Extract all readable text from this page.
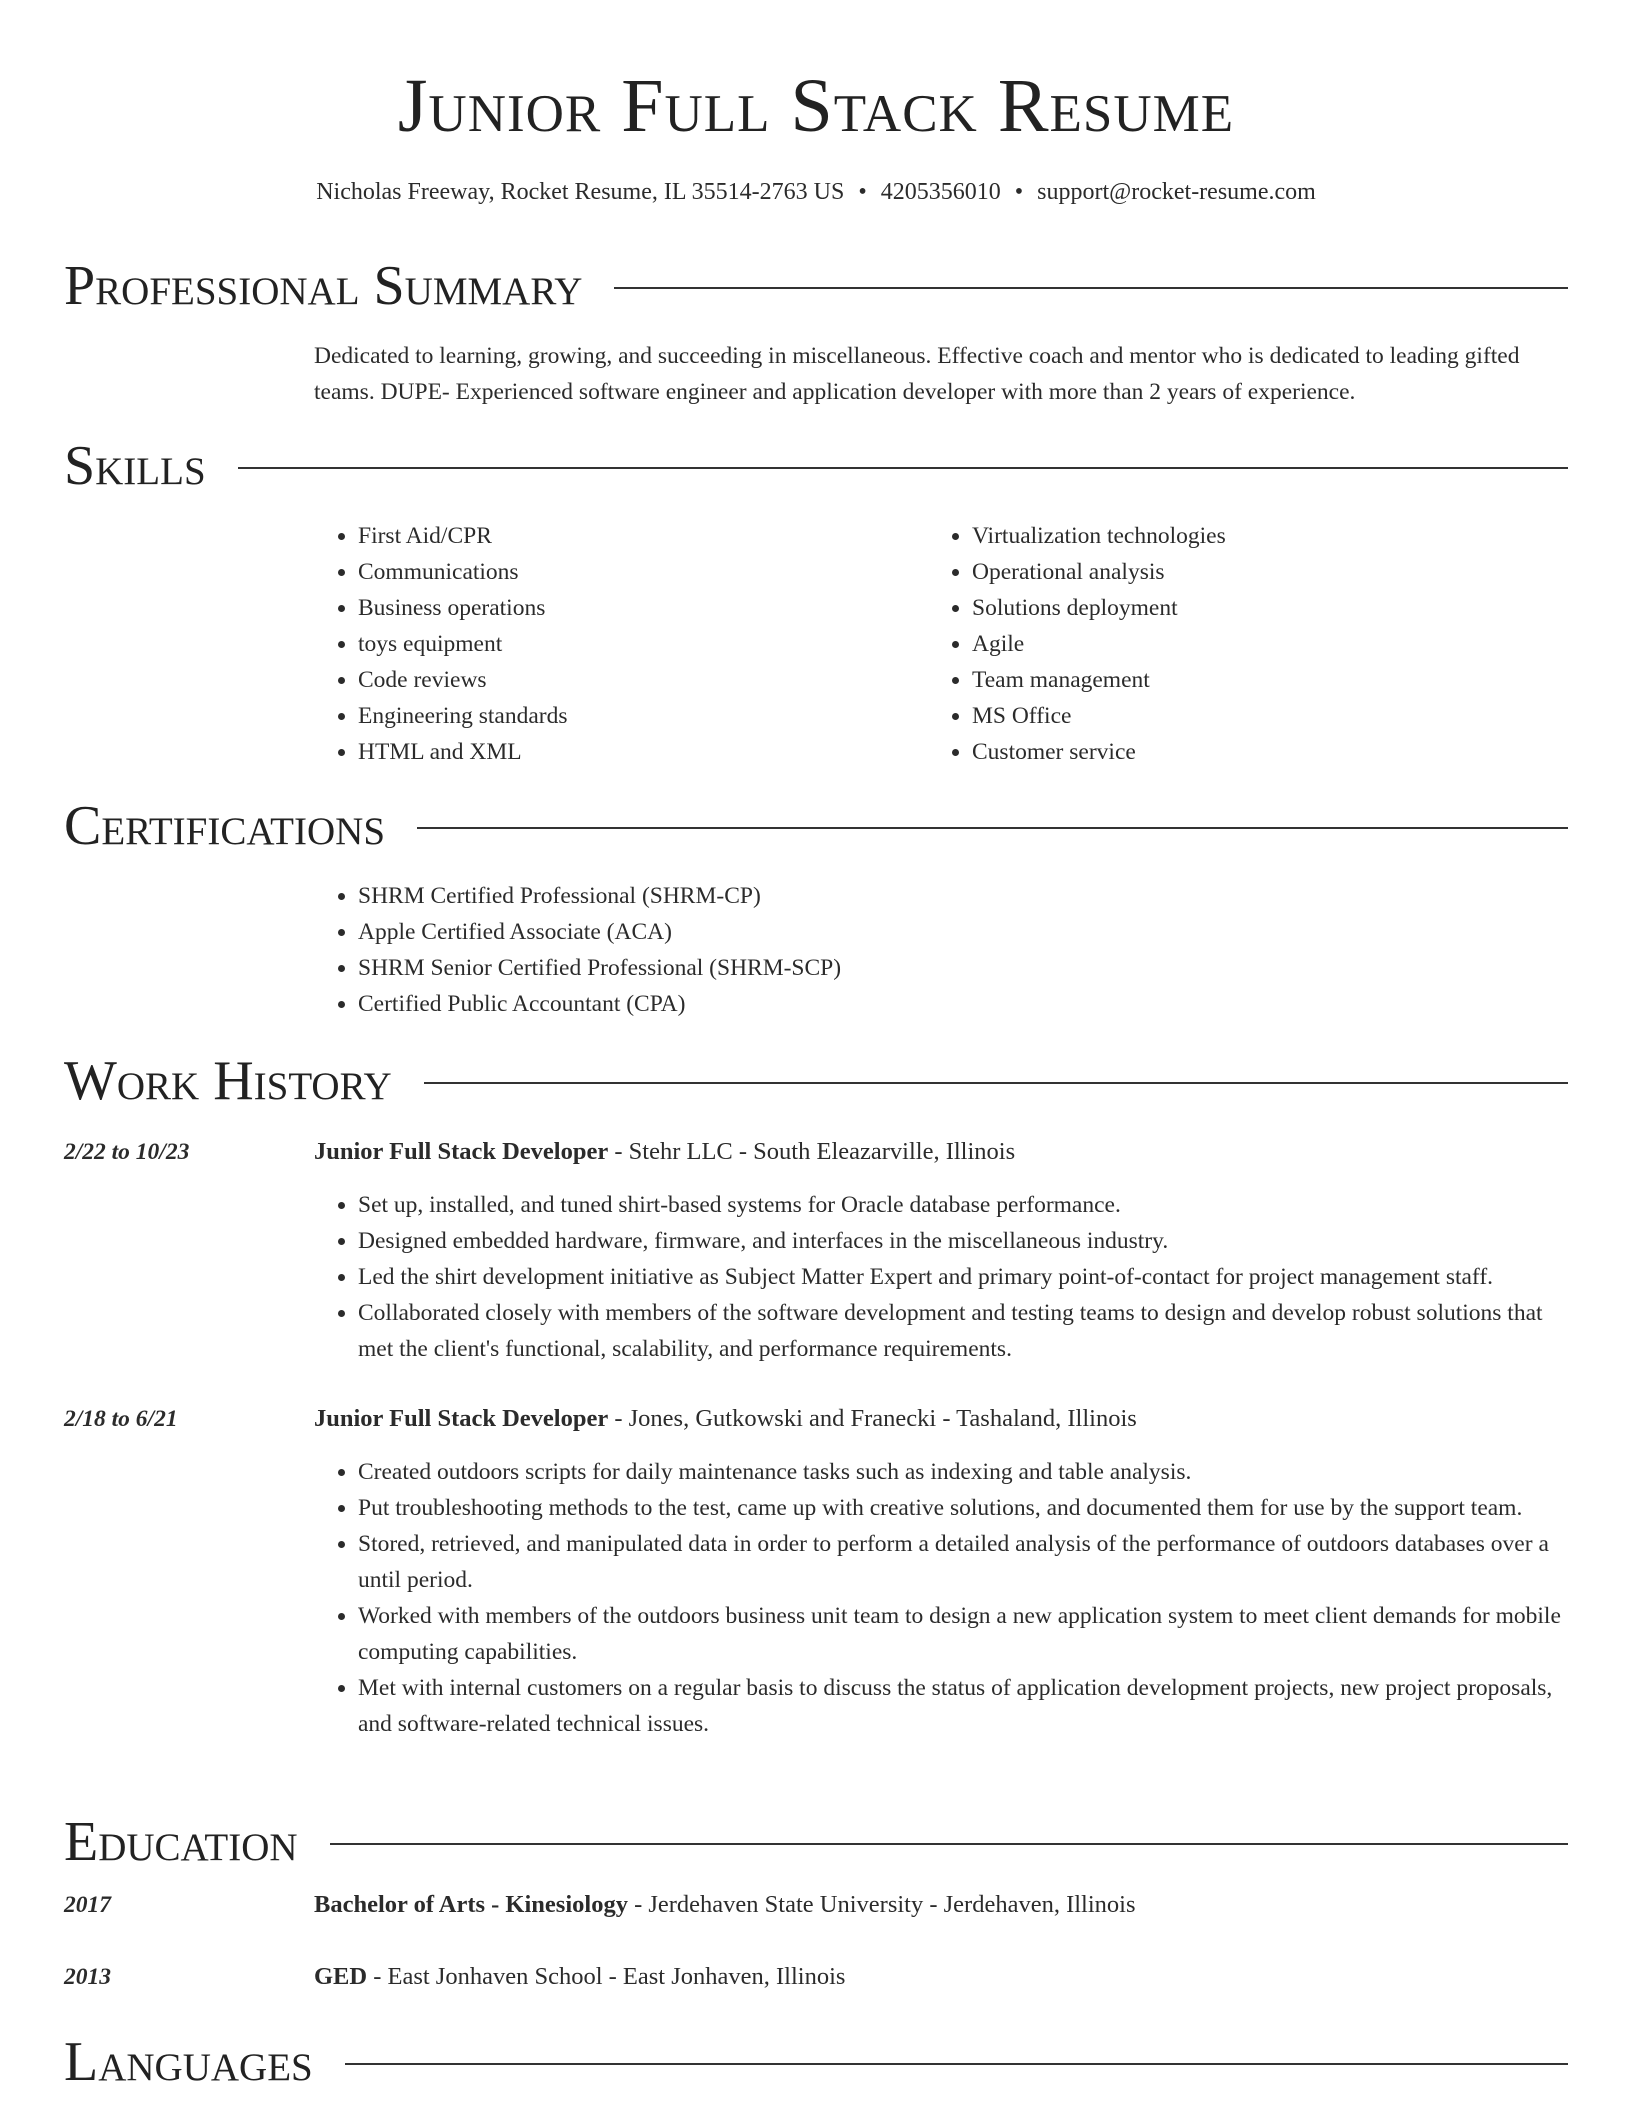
Junior Full Stack Resume
Nicholas Freeway, Rocket Resume, IL 35514-2763 US • 4205356010 • support@rocket-resume.com
Professional Summary
Dedicated to learning, growing, and succeeding in miscellaneous. Effective coach and mentor who is dedicated to leading gifted teams. DUPE- Experienced software engineer and application developer with more than 2 years of experience.
Skills
• First Aid/CPR
• Communications
• Business operations
• toys equipment
• Code reviews
• Engineering standards
• HTML and XML
• Virtualization technologies
• Operational analysis
• Solutions deployment
• Agile
• Team management
• MS Office
• Customer service
Certifications
• SHRM Certified Professional (SHRM-CP)
• Apple Certified Associate (ACA)
• SHRM Senior Certified Professional (SHRM-SCP)
• Certified Public Accountant (CPA)
Work History
2/22 to 10/23	Junior Full Stack Developer - Stehr LLC - South Eleazarville, Illinois
• Set up, installed, and tuned shirt-based systems for Oracle database performance.
• Designed embedded hardware, firmware, and interfaces in the miscellaneous industry.
• Led the shirt development initiative as Subject Matter Expert and primary point-of-contact for project management staff.
• Collaborated closely with members of the software development and testing teams to design and develop robust solutions that met the client's functional, scalability, and performance requirements.
2/18 to 6/21	Junior Full Stack Developer - Jones, Gutkowski and Franecki - Tashaland, Illinois
• Created outdoors scripts for daily maintenance tasks such as indexing and table analysis.
• Put troubleshooting methods to the test, came up with creative solutions, and documented them for use by the support team.
• Stored, retrieved, and manipulated data in order to perform a detailed analysis of the performance of outdoors databases over a until period.
• Worked with members of the outdoors business unit team to design a new application system to meet client demands for mobile computing capabilities.
• Met with internal customers on a regular basis to discuss the status of application development projects, new project proposals, and software-related technical issues.
Education
2017	Bachelor of Arts - Kinesiology - Jerdehaven State University - Jerdehaven, Illinois
2013	GED - East Jonhaven School - East Jonhaven, Illinois
Languages
